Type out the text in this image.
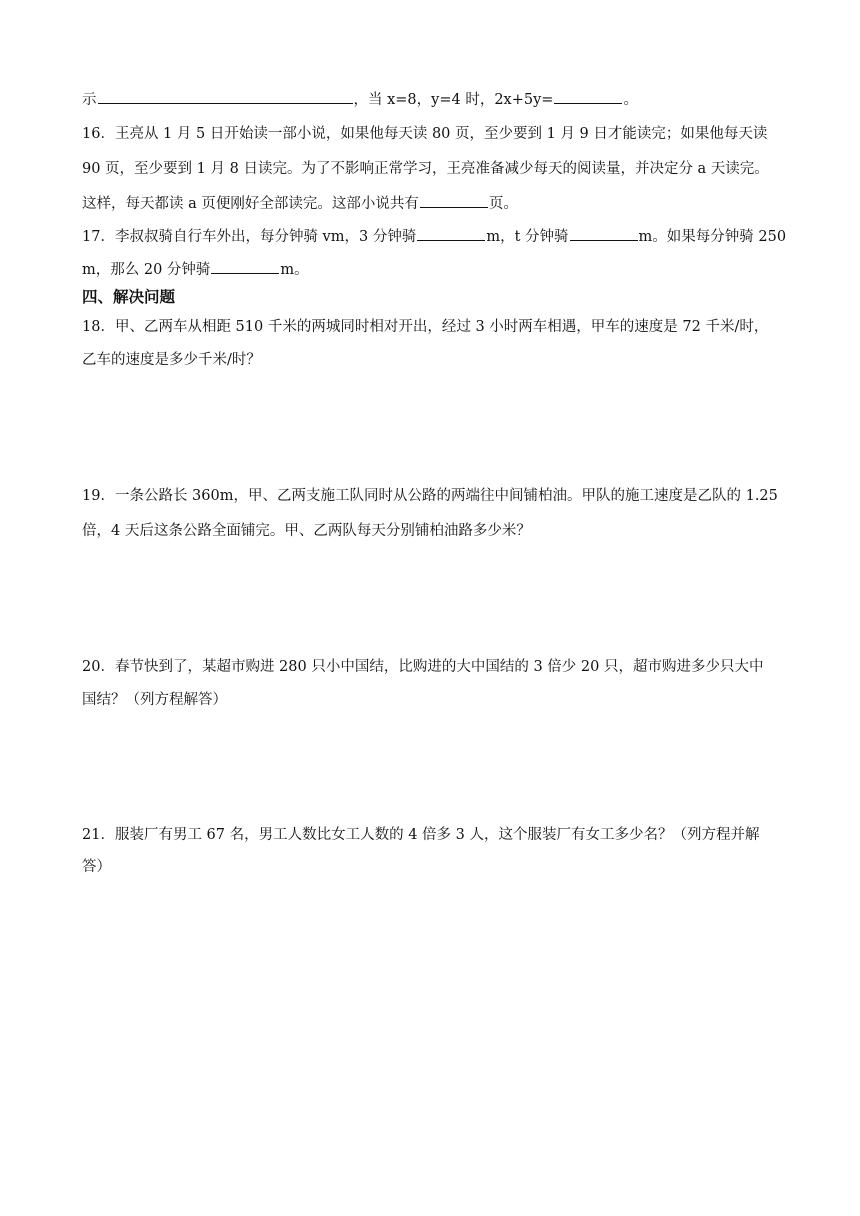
示	，当 x=8，y=4 时，2x+5y=	。
16．王亮从 1 月 5 日开始读一部小说，如果他每天读 80 页，至少要到 1 月 9 日才能读完；如果他每天读
90 页，至少要到 1 月 8 日读完。为了不影响正常学习，王亮准备减少每天的阅读量，并决定分 a 天读完。
这样，每天都读 a 页便刚好全部读完。这部小说共有	页。
17．李叔叔骑自行车外出，每分钟骑 vm，3 分钟骑	m，t 分钟骑	m。如果每分钟骑 250
m，那么 20 分钟骑	m。
四、解决问题
18．甲、乙两车从相距 510 千米的两城同时相对开出，经过 3 小时两车相遇，甲车的速度是 72 千米/时，
乙车的速度是多少千米/时？
19．一条公路长 360m，甲、乙两支施工队同时从公路的两端往中间铺柏油。甲队的施工速度是乙队的 1.25
倍，4 天后这条公路全面铺完。甲、乙两队每天分别铺柏油路多少米？
20．春节快到了，某超市购进 280 只小中国结，比购进的大中国结的 3 倍少 20 只，超市购进多少只大中
国结？（列方程解答）
21．服装厂有男工 67 名，男工人数比女工人数的 4 倍多 3 人，这个服装厂有女工多少名？（列方程并解
答）
